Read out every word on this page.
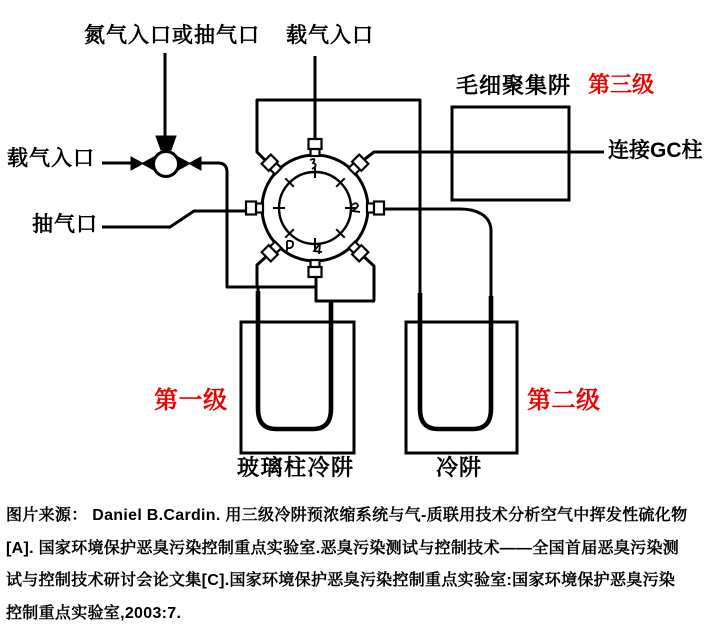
氮气入口或抽气口 载气入口
载气入口
抽气口
毛细聚集阱 第三级
连接GC柱
第一级	第二级
玻璃柱冷阱	冷阱
图片来源： Daniel B.Cardin. 用三级冷阱预浓缩系统与气-质联用技术分析空气中挥发性硫化物
[A]. 国家环境保护恶臭污染控制重点实验室.恶臭污染测试与控制技术——全国首届恶臭污染测
试与控制技术研讨会论文集[C].国家环境保护恶臭污染控制重点实验室:国家环境保护恶臭污染
控制重点实验室,2003:7.
